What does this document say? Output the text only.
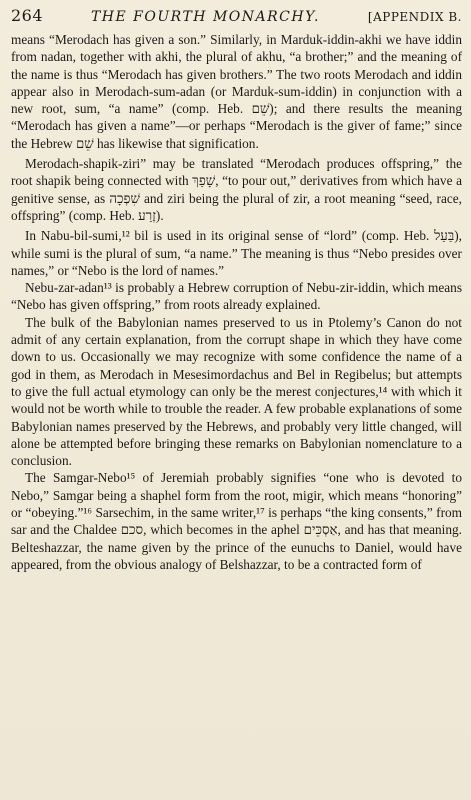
264	THE FOURTH MONARCHY.	[APPENDIX B.

means “Merodach has given a son.” Similarly, in Marduk-iddin-akhi we have iddin from nadan, together with akhi, the plural of akhu, “a brother;” and the meaning of the name is thus “Merodach has given brothers.” The two roots Merodach and iddin appear also in Merodach-sum-adan (or Marduk-sum-iddin) in conjunction with a new root, sum, “a name” (comp. Heb. שֵׁם); and there results the meaning “Merodach has given a name”—or perhaps “Merodach is the giver of fame;” since the Hebrew שֵׁם has likewise that signification.

Merodach-shapik-ziri” may be translated “Merodach produces offspring,” the root shapik being connected with שָׁפַךְ, “to pour out,” derivatives from which have a genitive sense, as שִׁפְכָה and ziri being the plural of zir, a root meaning “seed, race, offspring” (comp. Heb. זֶרַע).

In Nabu-bil-sumi,¹² bil is used in its original sense of “lord” (comp. Heb. בַּעַל), while sumi is the plural of sum, “a name.” The meaning is thus “Nebo presides over names,” or “Nebo is the lord of names.”

Nebu-zar-adan¹³ is probably a Hebrew corruption of Nebu-zir-iddin, which means “Nebo has given offspring,” from roots already explained.

The bulk of the Babylonian names preserved to us in Ptolemy’s Canon do not admit of any certain explanation, from the corrupt shape in which they have come down to us. Occasionally we may recognize with some confidence the name of a god in them, as Merodach in Mesesimordachus and Bel in Regibelus; but attempts to give the full actual etymology can only be the merest conjectures,¹⁴ with which it would not be worth while to trouble the reader. A few probable explanations of some Babylonian names preserved by the Hebrews, and probably very little changed, will alone be attempted before bringing these remarks on Babylonian nomenclature to a conclusion.

The Samgar-Nebo¹⁵ of Jeremiah probably signifies “one who is devoted to Nebo,” Samgar being a shaphel form from the root, migir, which means “honoring” or “obeying.”¹⁶ Sarsechim, in the same writer,¹⁷ is perhaps “the king consents,” from sar and the Chaldee סכם, which becomes in the aphel אַסְכֵּים, and has that meaning. Belteshazzar, the name given by the prince of the eunuchs to Daniel, would have appeared, from the obvious analogy of Belshazzar, to be a contracted form of
